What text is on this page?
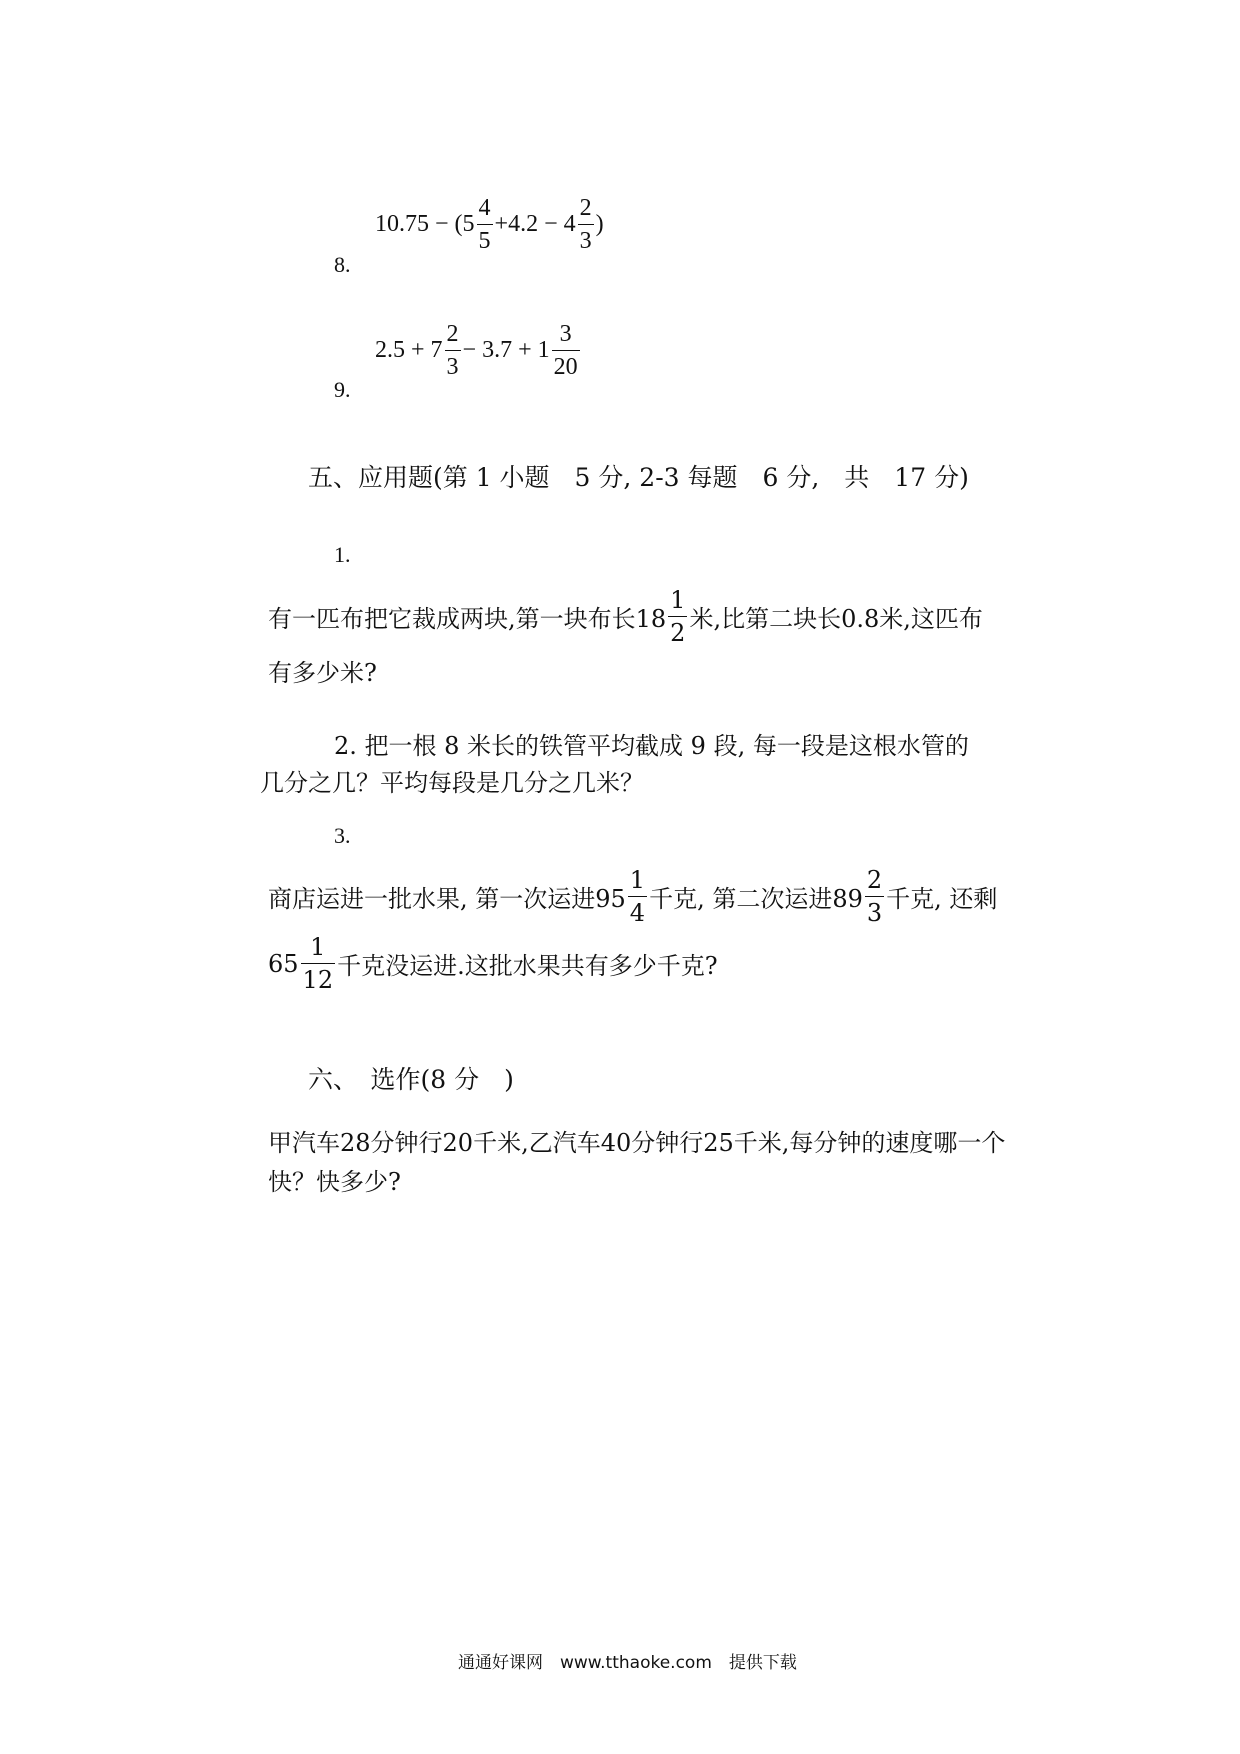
$10.75 - (5 \frac{4}{5} +4.2 - 4 \frac{2}{3}$ )
8.
$2.5 + 7 \frac{2}{3} - 3.7 + 1 \frac{3}{20}$
9.
五、应用题(第 1 小题　5 分, 2-3 每题　6 分,　共　17 分)
1.
有一匹布把它裁成两块,第一块布长$18 \frac{1}{2}$ 米,比第二块长0.8米,这匹布
有多少米?
2. 把一根 8 米长的铁管平均截成 9 段, 每一段是这根水管的
几分之几？平均每段是几分之几米？
3.
商店运进一批水果, 第一次运进$95 \frac{1}{4}$ 千克, 第二次运进$89 \frac{2}{3}$ 千克, 还剩
$65 \frac{1}{12}$ 千克没运进.这批水果共有多少千克?
六、　选作(8 分　)
甲汽车28分钟行20千米,乙汽车40分钟行25千米,每分钟的速度哪一个
快？快多少?
通通好课网　www.tthaoke.com　提供下载
